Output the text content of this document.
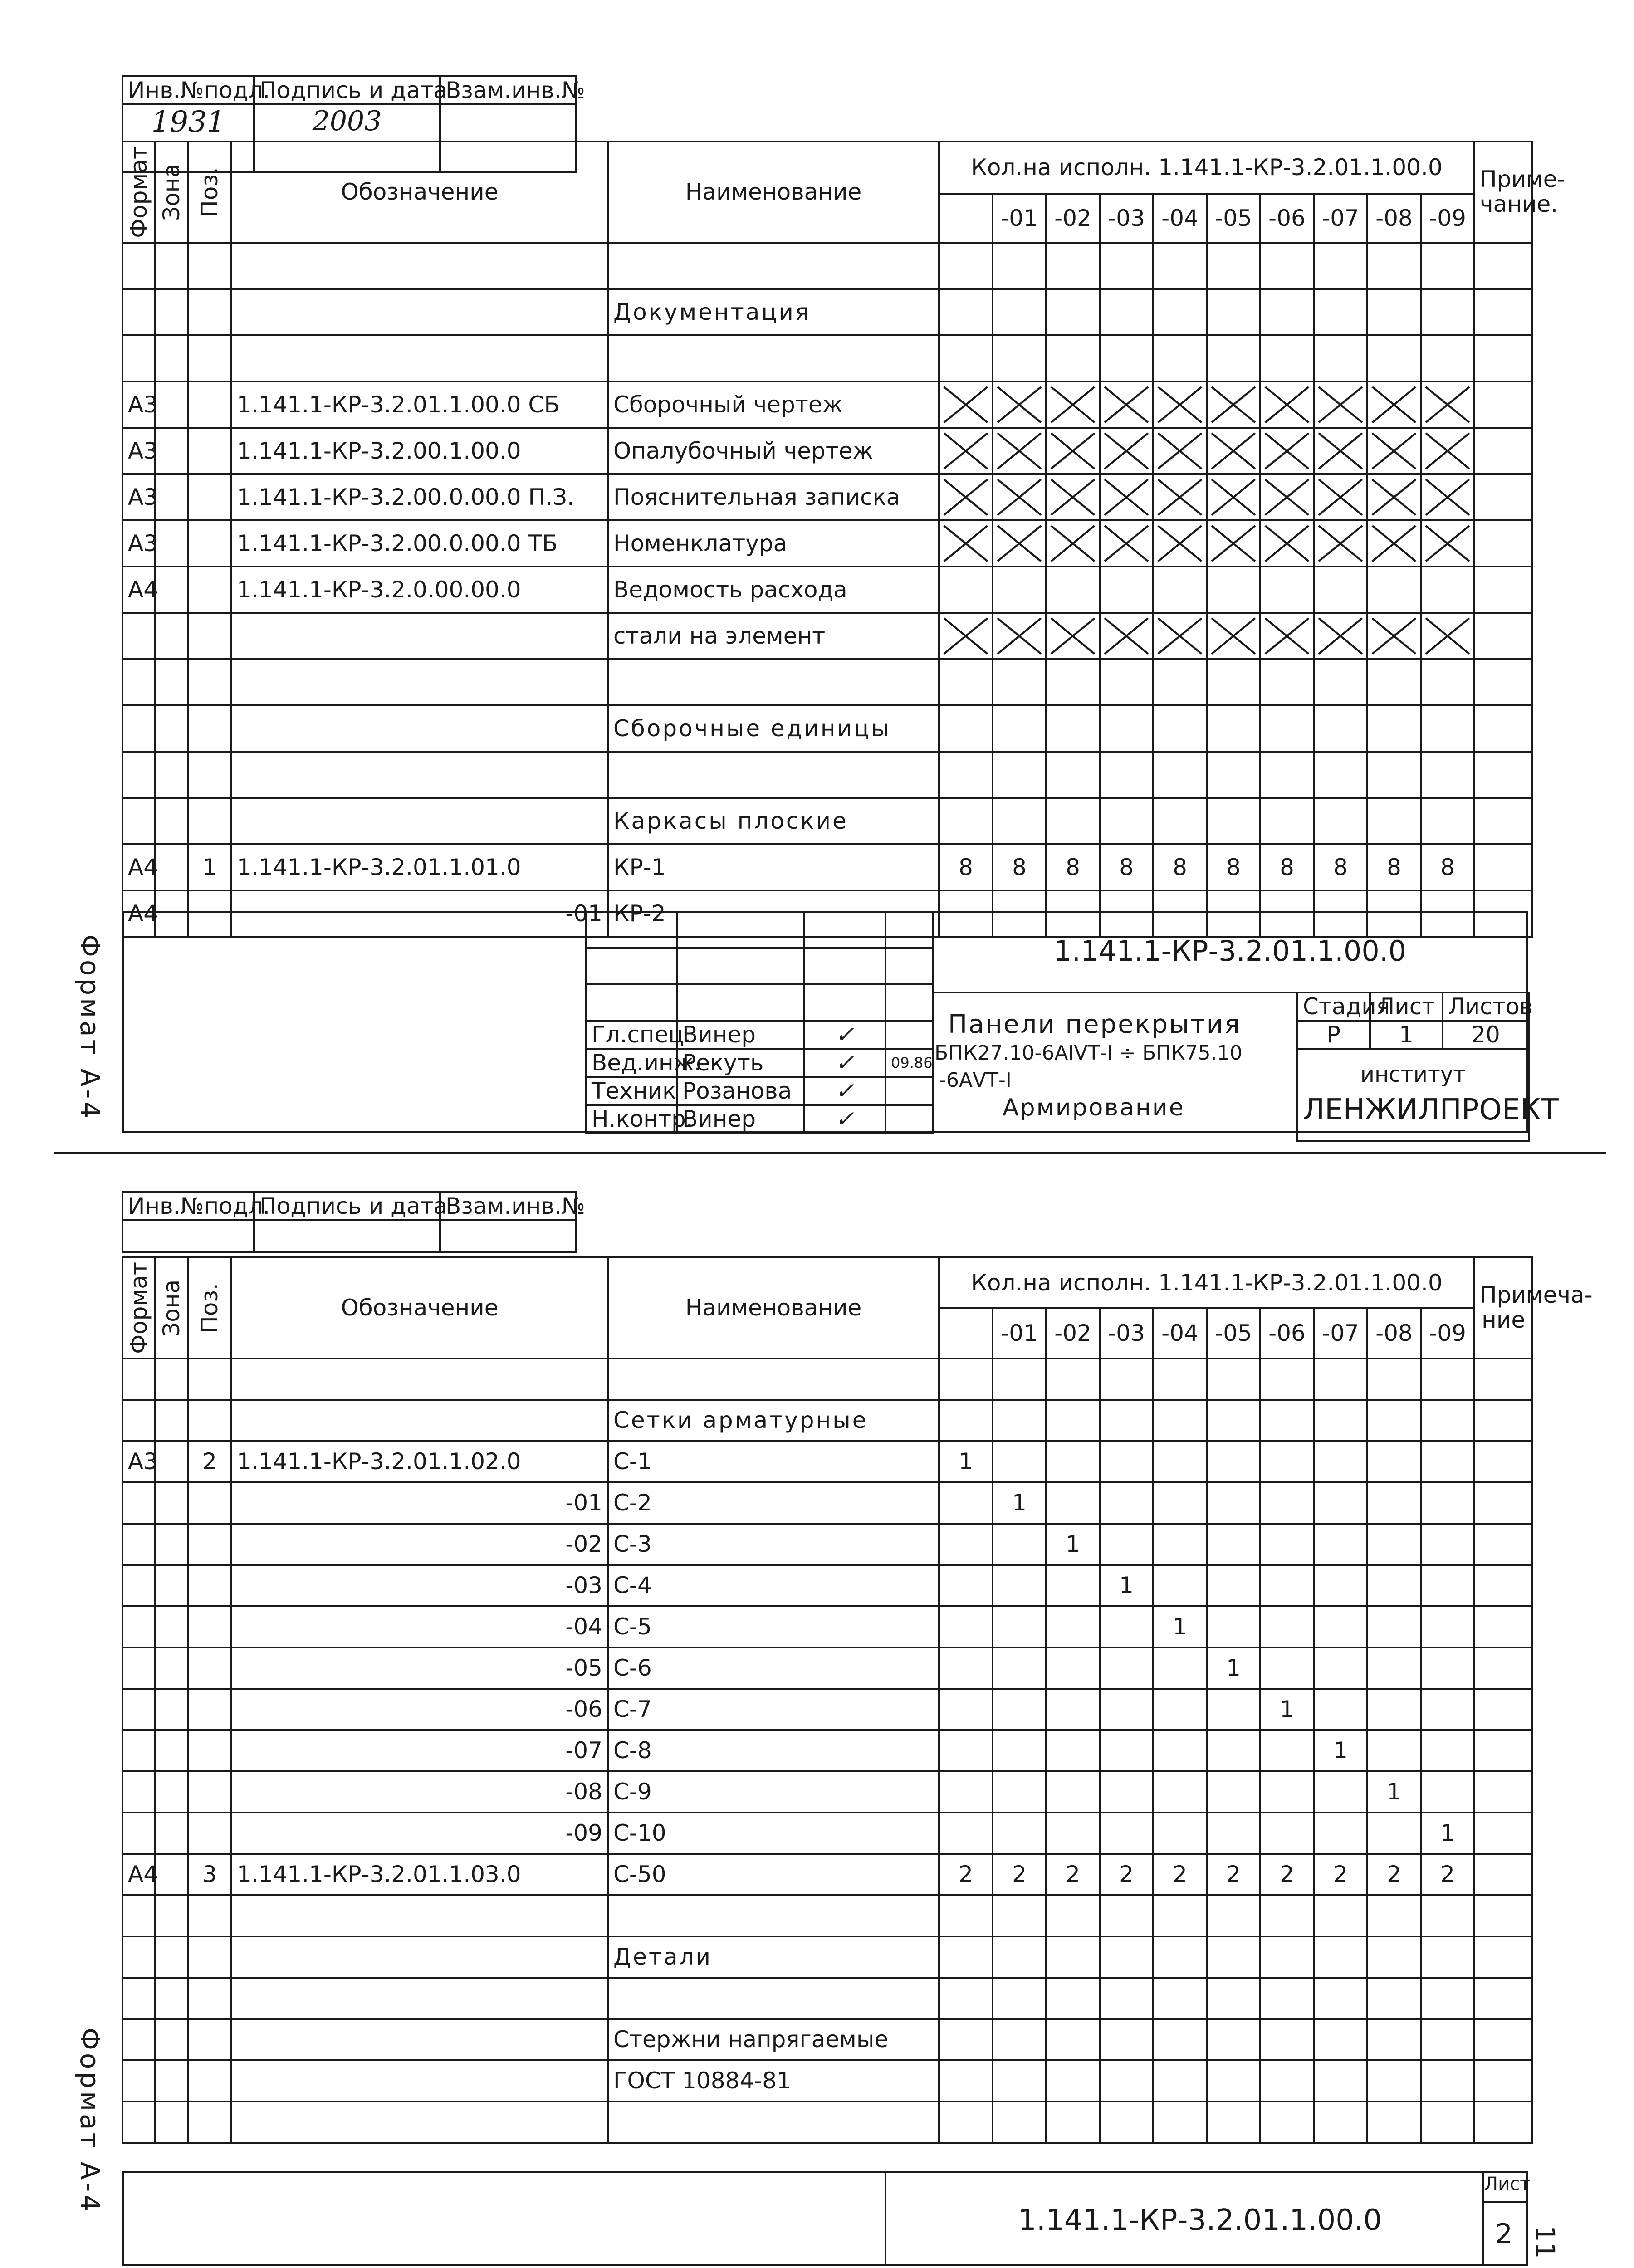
Формат А-4
Инв.№подл.	Подпись и дата	Взам.инв.№
1931	2003	
Формат	Зона	Поз.	Обозначение	Наименование	Кол.на исполн. 1.141.1-КР-3.2.01.1.00.0										Приме-чание.
						-01	-02	-03	-04	-05	-06	-07	-08	-09	

				Документация											

А3			1.141.1-КР-3.2.01.1.00.0 СБ	Сборочный чертеж	

А3			1.141.1-КР-3.2.00.1.00.0	Опалубочный чертеж	

А3			1.141.1-КР-3.2.00.0.00.0 П.З.	Пояснительная записка	

А3			1.141.1-КР-3.2.00.0.00.0 ТБ	Номенклатура	

А4			1.141.1-КР-3.2.0.00.00.0	Ведомость расхода											
				стали на элемент	

				Сборочные единицы											

				Каркасы плоские											
А4		1	1.141.1-КР-3.2.01.1.01.0	КР-1	8	8	8	8	8	8	8	8	8	8	
А4			-01	КР-2											

Гл.спец.	Винер	✓	
Вед.инж.	Рекуть	✓	09.86
Техник	Розанова	✓	
Н.контр.	Винер	✓	
1.141.1-КР-3.2.01.1.00.0
Панели перекрытия
БПК27.10-6АIVТ-I ÷ БПК75.10
-6АVТ-I
Армирование
Стадия	Лист	Листов
Р	1	20

институт
ЛЕНЖИЛПРОЕКТ		
Формат А-4
Инв.№подл.	Подпись и дата	Взам.инв.№

Формат	Зона	Поз.	Обозначение	Наименование	Кол.на исполн. 1.141.1-КР-3.2.01.1.00.0										Примеча-ние
						-01	-02	-03	-04	-05	-06	-07	-08	-09	

				Сетки арматурные											
А3		2	1.141.1-КР-3.2.01.1.02.0	С-1	1										
			-01	С-2		1									
			-02	С-3			1								
			-03	С-4				1							
			-04	С-5					1						
			-05	С-6						1					
			-06	С-7							1				
			-07	С-8								1			
			-08	С-9									1		
			-09	С-10										1	
А4		3	1.141.1-КР-3.2.01.1.03.0	С-50	2	2	2	2	2	2	2	2	2	2	

				Детали											

				Стержни напрягаемые											
				ГОСТ 10884-81											

1.141.1-КР-3.2.01.1.00.0
Лист
2 11
